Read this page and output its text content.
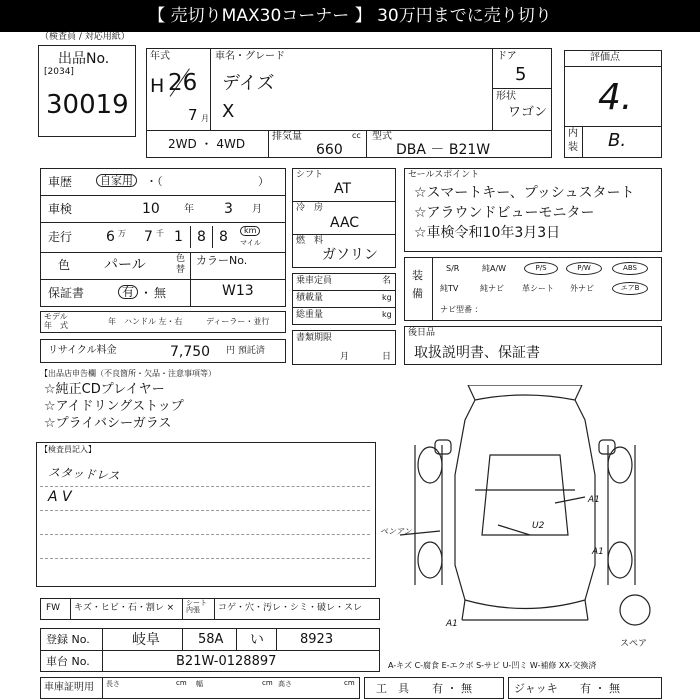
【 売切りMAX30コーナー 】 30万円までに売り切り
（検査員 / 対応用紙）
出品No.
[2034]
30019
年式
H 26
7 月
車名・グレード
デイズ
X
ドア
5
形状
ワゴン
2WD ・ 4WD
排気量	cc
660
型式
DBA － B21W
評価点
4.
内
装 B.
車歴	自家用	・（	）
車検	10 年 3 月
走行 6 万 7 千 1 8 8	km
マイル
色 パール	色
替
カラーNo.
保証書	有 ・ 無	W13
モデル
年　式	年 ハンドル 左・右	ディーラー・並行
リサイクル料金	7,750 円 預託済
シフト
AT
冷　房
AAC
燃　料
ガソリン
乗車定員	名
積載量	kg
総重量	kg
書類期限
月	日
セールスポイント
☆スマートキー、プッシュスタート
☆アラウンドビューモニター
☆車検令和10年3月3日
装
備
S/R	純A/W	P/S	P/W	ABS
純TV	純ナビ 革シート 外ナビ	エアB
ナビ型番 ：
後日品
取扱説明書、保証書
【出品店申告欄（不良箇所・欠品・注意事項等）
☆純正CDプレイヤー
☆アイドリングストップ
☆プライバシーガラス
【検査員記入】
スタッドレス
A V	A1
ペンアン
U2
A1
A1
スペア
FW キズ・ヒビ・石・割レ × シート 内張	コゲ・穴・汚レ・シミ・破レ・スレ
登録 No.	岐阜	58A い	8923
車台 No.	B21W-0128897	A-キズ C-腐食 E-エクボ S-サビ U-凹ミ W-補修 XX-交換済
車庫証明用 長さ	cm 幅	cm 高さ	cm 工　具 有 ・ 無	ジャッキ 有 ・ 無
